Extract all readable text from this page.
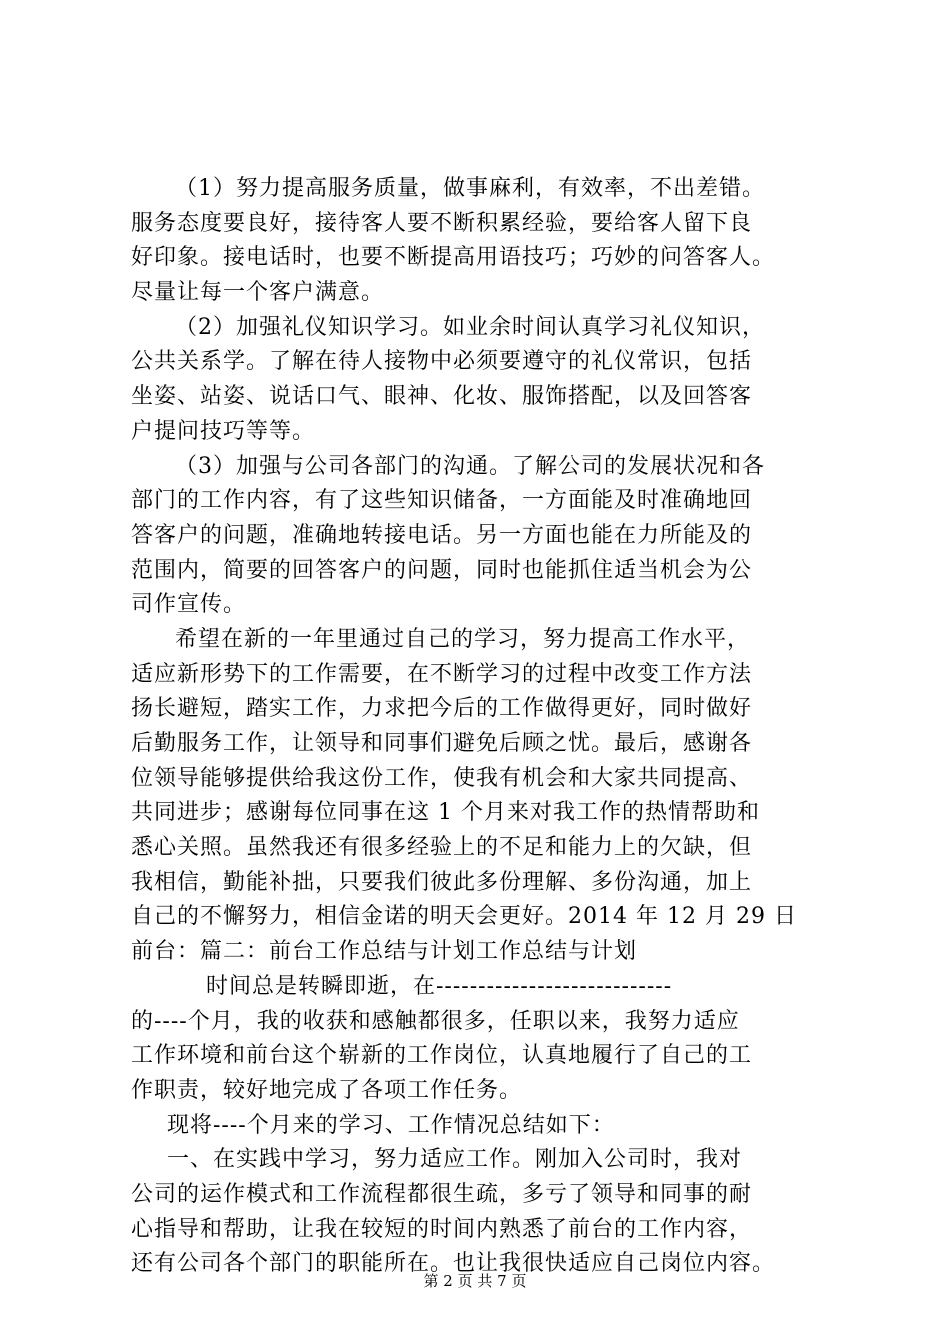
（1）努力提高服务质量，做事麻利，有效率，不出差错。
服务态度要良好，接待客人要不断积累经验，要给客人留下良
好印象。接电话时，也要不断提高用语技巧；巧妙的问答客人。
尽量让每一个客户满意。
（2）加强礼仪知识学习。如业余时间认真学习礼仪知识，
公共关系学。了解在待人接物中必须要遵守的礼仪常识，包括
坐姿、站姿、说话口气、眼神、化妆、服饰搭配，以及回答客
户提问技巧等等。
（3）加强与公司各部门的沟通。了解公司的发展状况和各
部门的工作内容，有了这些知识储备，一方面能及时准确地回
答客户的问题，准确地转接电话。另一方面也能在力所能及的
范围内，简要的回答客户的问题，同时也能抓住适当机会为公
司作宣传。
希望在新的一年里通过自己的学习，努力提高工作水平，
适应新形势下的工作需要，在不断学习的过程中改变工作方法
扬长避短，踏实工作，力求把今后的工作做得更好，同时做好
后勤服务工作，让领导和同事们避免后顾之忧。最后，感谢各
位领导能够提供给我这份工作，使我有机会和大家共同提高、
共同进步；感谢每位同事在这 1 个月来对我工作的热情帮助和
悉心关照。虽然我还有很多经验上的不足和能力上的欠缺，但
我相信，勤能补拙，只要我们彼此多份理解、多份沟通，加上
自己的不懈努力，相信金诺的明天会更好。2014 年 12 月 29 日
前台：篇二：前台工作总结与计划工作总结与计划
时间总是转瞬即逝，在----------------------------
的----个月，我的收获和感触都很多，任职以来，我努力适应
工作环境和前台这个崭新的工作岗位，认真地履行了自己的工
作职责，较好地完成了各项工作任务。
现将----个月来的学习、工作情况总结如下：
一、在实践中学习，努力适应工作。刚加入公司时，我对
公司的运作模式和工作流程都很生疏，多亏了领导和同事的耐
心指导和帮助，让我在较短的时间内熟悉了前台的工作内容，
还有公司各个部门的职能所在。也让我很快适应自己岗位内容。
第 2 页 共 7 页
